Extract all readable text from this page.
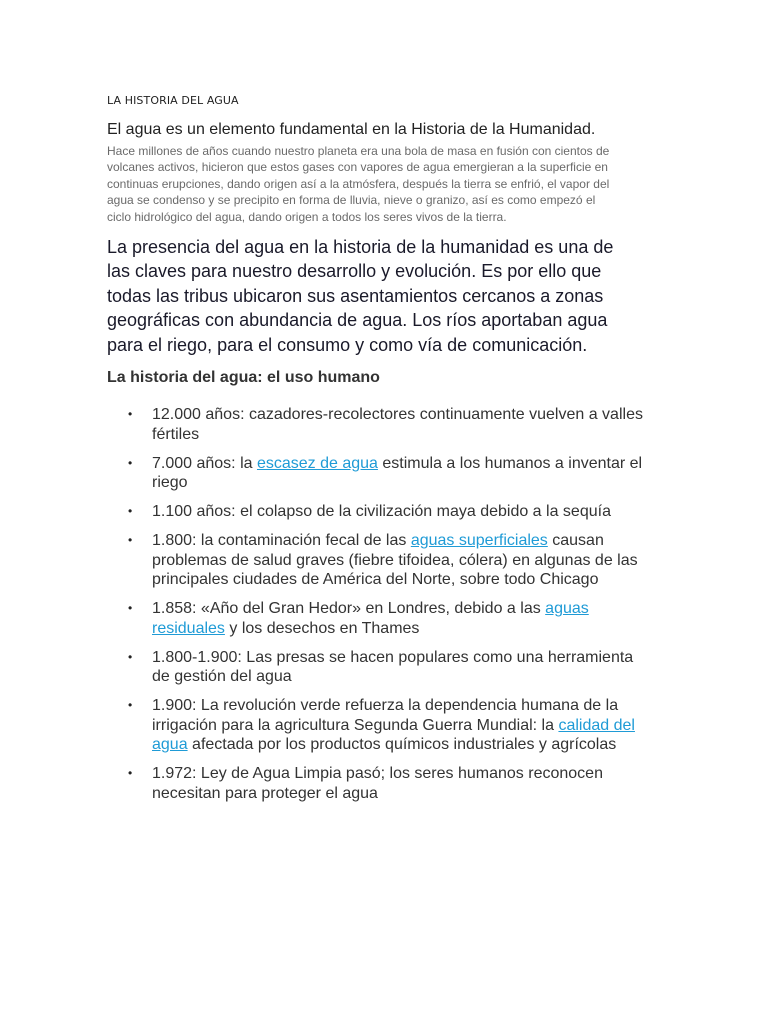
LA HISTORIA DEL AGUA
El agua es un elemento fundamental en la Historia de la Humanidad.
Hace millones de años cuando nuestro planeta era una bola de masa en fusión con cientos de
volcanes activos, hicieron que estos gases con vapores de agua emergieran a la superficie en
continuas erupciones, dando origen así a la atmósfera, después la tierra se enfrió, el vapor del
agua se condenso y se precipito en forma de lluvia, nieve o granizo, así es como empezó el
ciclo hidrológico del agua, dando origen a todos los seres vivos de la tierra.
La presencia del agua en la historia de la humanidad es una de
las claves para nuestro desarrollo y evolución. Es por ello que
todas las tribus ubicaron sus asentamientos cercanos a zonas
geográficas con abundancia de agua. Los ríos aportaban agua
para el riego, para el consumo y como vía de comunicación.
La historia del agua: el uso humano
• 12.000 años: cazadores-recolectores continuamente vuelven a valles
fértiles
• 7.000 años: la escasez de agua estimula a los humanos a inventar el
riego
• 1.100 años: el colapso de la civilización maya debido a la sequía
• 1.800: la contaminación fecal de las aguas superficiales causan
problemas de salud graves (fiebre tifoidea, cólera) en algunas de las
principales ciudades de América del Norte, sobre todo Chicago
• 1.858: «Año del Gran Hedor» en Londres, debido a las aguas
residuales y los desechos en Thames
• 1.800-1.900: Las presas se hacen populares como una herramienta
de gestión del agua
• 1.900: La revolución verde refuerza la dependencia humana de la
irrigación para la agricultura Segunda Guerra Mundial: la calidad del
agua afectada por los productos químicos industriales y agrícolas
• 1.972: Ley de Agua Limpia pasó; los seres humanos reconocen
necesitan para proteger el agua
